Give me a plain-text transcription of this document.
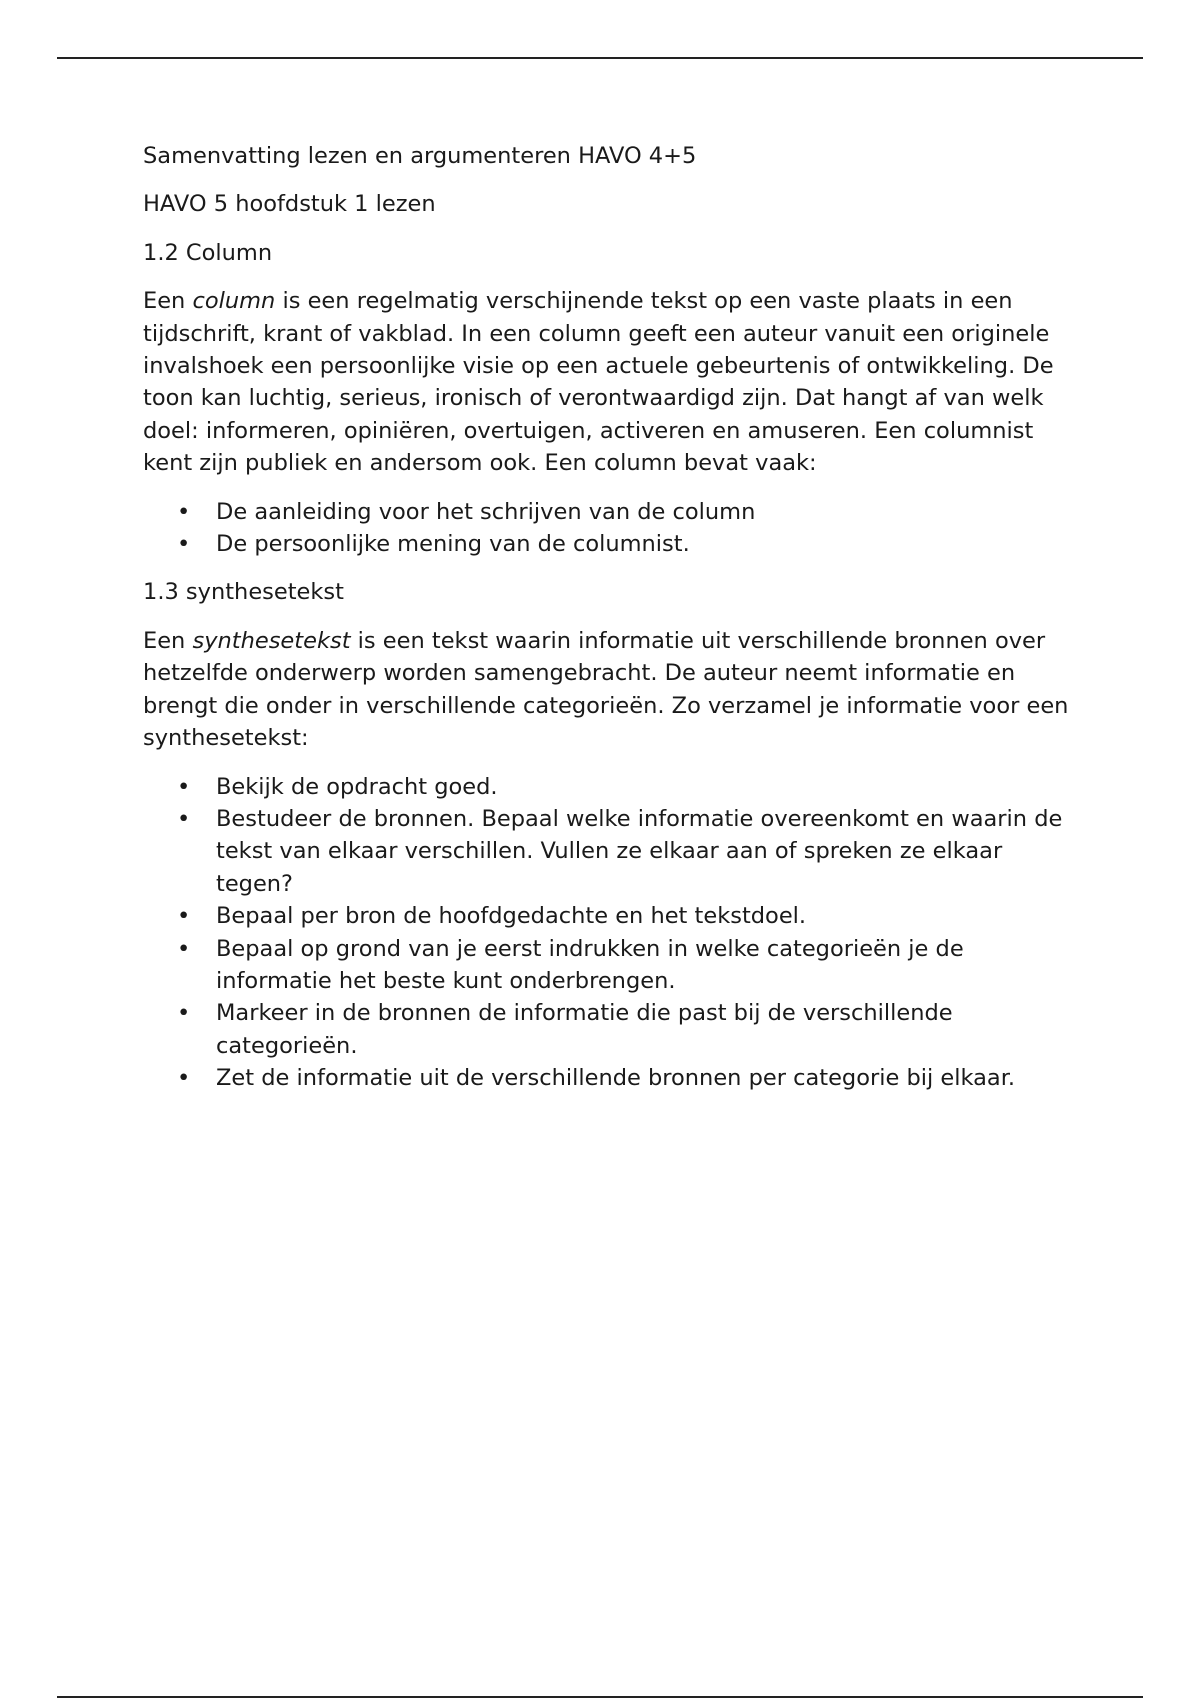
Samenvatting lezen en argumenteren HAVO 4+5

HAVO 5 hoofdstuk 1 lezen

1.2 Column

Een column is een regelmatig verschijnende tekst op een vaste plaats in een tijdschrift, krant of vakblad. In een column geeft een auteur vanuit een originele invalshoek een persoonlijke visie op een actuele gebeurtenis of ontwikkeling. De toon kan luchtig, serieus, ironisch of verontwaardigd zijn. Dat hangt af van welk doel: informeren, opiniëren, overtuigen, activeren en amuseren. Een columnist kent zijn publiek en andersom ook. Een column bevat vaak:

• De aanleiding voor het schrijven van de column
• De persoonlijke mening van de columnist.

1.3 synthesetekst

Een synthesetekst is een tekst waarin informatie uit verschillende bronnen over hetzelfde onderwerp worden samengebracht. De auteur neemt informatie en brengt die onder in verschillende categorieën. Zo verzamel je informatie voor een synthesetekst:

• Bekijk de opdracht goed.
• Bestudeer de bronnen. Bepaal welke informatie overeenkomt en waarin de tekst van elkaar verschillen. Vullen ze elkaar aan of spreken ze elkaar tegen?
• Bepaal per bron de hoofdgedachte en het tekstdoel.
• Bepaal op grond van je eerst indrukken in welke categorieën je de informatie het beste kunt onderbrengen.
• Markeer in de bronnen de informatie die past bij de verschillende categorieën.
• Zet de informatie uit de verschillende bronnen per categorie bij elkaar.
